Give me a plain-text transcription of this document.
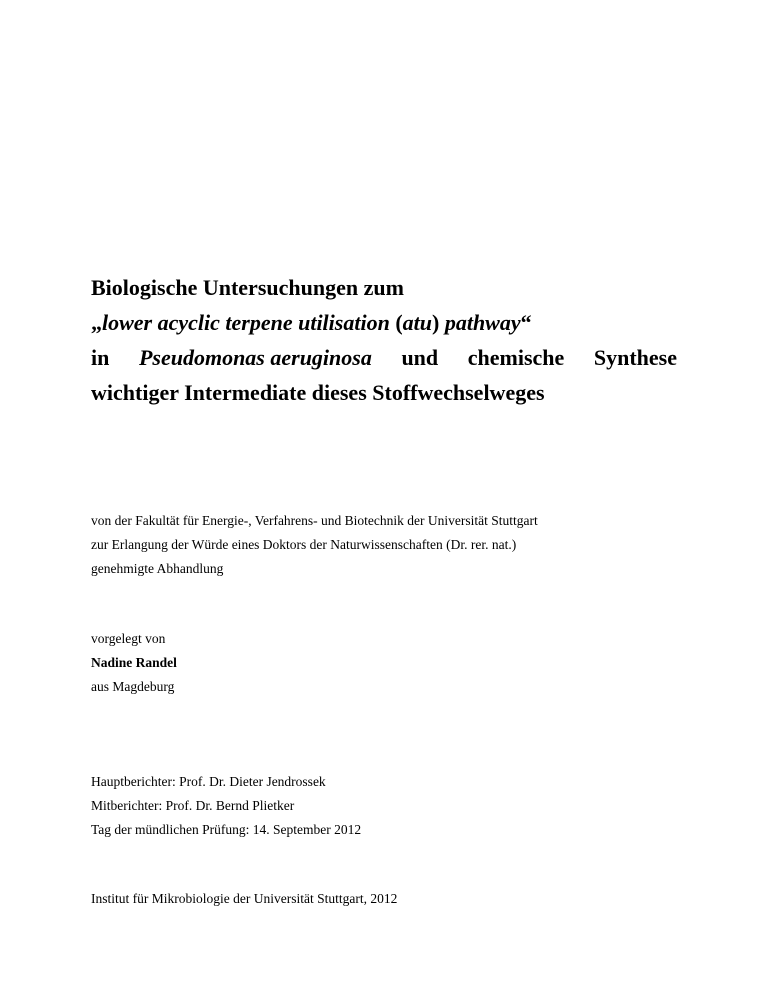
Biologische Untersuchungen zum
„lower acyclic terpene utilisation (atu) pathway“
in Pseudomonas aeruginosa und chemische Synthese
wichtiger Intermediate dieses Stoffwechselweges
von der Fakultät für Energie-, Verfahrens- und Biotechnik der Universität Stuttgart
zur Erlangung der Würde eines Doktors der Naturwissenschaften (Dr. rer. nat.)
genehmigte Abhandlung
vorgelegt von
Nadine Randel
aus Magdeburg
Hauptberichter: Prof. Dr. Dieter Jendrossek
Mitberichter: Prof. Dr. Bernd Plietker
Tag der mündlichen Prüfung: 14. September 2012
Institut für Mikrobiologie der Universität Stuttgart, 2012
